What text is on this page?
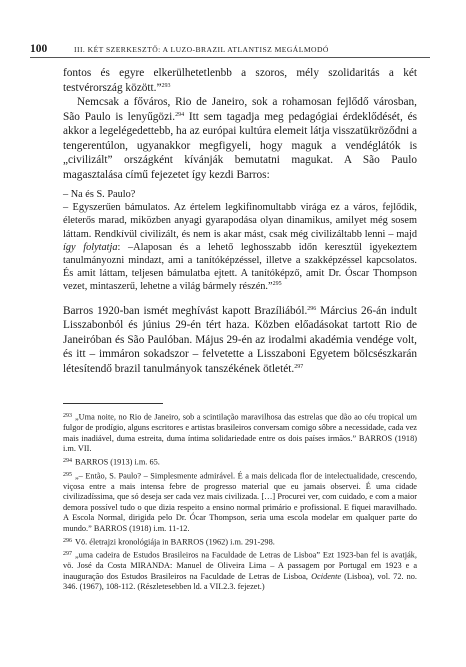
100	III. KÉT SZERKESZTŐ: A LUZO-BRAZIL ATLANTISZ MEGÁLMODÓ

fontos és egyre elkerülhetetlenbb a szoros, mély szolidaritás a két testvérország között.”$^{293}$

Nemcsak a főváros, Rio de Janeiro, sok a rohamosan fejlődő városban, São Paulo is lenyűgözi.$^{294}$ Itt sem tagadja meg pedagógiai érdeklődését, és akkor a legelégedettebb, ha az európai kultúra elemeit látja visszatükröződni a tengerentúlon, ugyanakkor megfigyeli, hogy maguk a vendéglátók is „civilizált” országként kívánják bemutatni magukat. A São Paulo magasztalása című fejezetet így kezdi Barros:

– Na és S. Paulo?

– Egyszerűen bámulatos. Az értelem legkifinomultabb virága ez a város, fejlődik, életerős marad, miközben anyagi gyarapodása olyan dinamikus, amilyet még sosem láttam. Rendkívül civilizált, és nem is akar mást, csak még civilizáltabb lenni – majd így folytatja: –Alaposan és a lehető leghosszabb időn keresztül igyekeztem tanulmányozni mindazt, ami a tanítóképzéssel, illetve a szakképzéssel kapcsolatos. És amit láttam, teljesen bámulatba ejtett. A tanítóképző, amit Dr. Óscar Thompson vezet, mintaszerű, lehetne a világ bármely részén.”$^{295}$

Barros 1920-ban ismét meghívást kapott Brazíliából.$^{296}$ Március 26-án indult Lisszabonból és június 29-én tért haza. Közben előadásokat tartott Rio de Janeiróban és São Paulóban. Május 29-én az irodalmi akadémia vendége volt, és itt – immáron sokadszor – felvetette a Lisszaboni Egyetem bölcsészkarán létesítendő brazil tanulmányok tanszékének ötletét.$^{297}$

$^{293}$ „Uma noite, no Rio de Janeiro, sob a scintilação maravilhosa das estrelas que dão ao céu tropical um fulgor de prodígio, alguns escritores e artistas brasileiros conversam comigo sôbre a necessidade, cada vez mais inadiável, duma estreita, duma íntima solidariedade entre os dois países irmãos.” BARROS (1918) i.m. VII.

$^{294}$ BARROS (1913) i.m. 65.

$^{295}$ „– Então, S. Paulo? – Simplesmente admirável. É a mais delicada flor de intelectualidade, crescendo, viçosa entre a mais intensa febre de progresso material que eu jamais observei. É uma cidade civilizadíssima, que só deseja ser cada vez mais civilizada. […] Procurei ver, com cuidado, e com a maior demora possível tudo o que dizia respeito a ensino normal primário e profissional. E fiquei maravilhado. A Escola Normal, dirigida pelo Dr. Ócar Thompson, seria uma escola modelar em qualquer parte do mundo.” BARROS (1918) i.m. 11-12.

$^{296}$ Vö. életrajzi kronológiája in BARROS (1962) i.m. 291-298.

$^{297}$ „uma cadeira de Estudos Brasileiros na Faculdade de Letras de Lisboa” Ezt 1923-ban fel is avatják, vö. José da Costa MIRANDA: Manuel de Oliveira Lima – A passagem por Portugal em 1923 e a inauguração dos Estudos Brasileiros na Faculdade de Letras de Lisboa, Ocidente (Lisboa), vol. 72. no. 346. (1967), 108-112. (Részletesebben ld. a VII.2.3. fejezet.)
